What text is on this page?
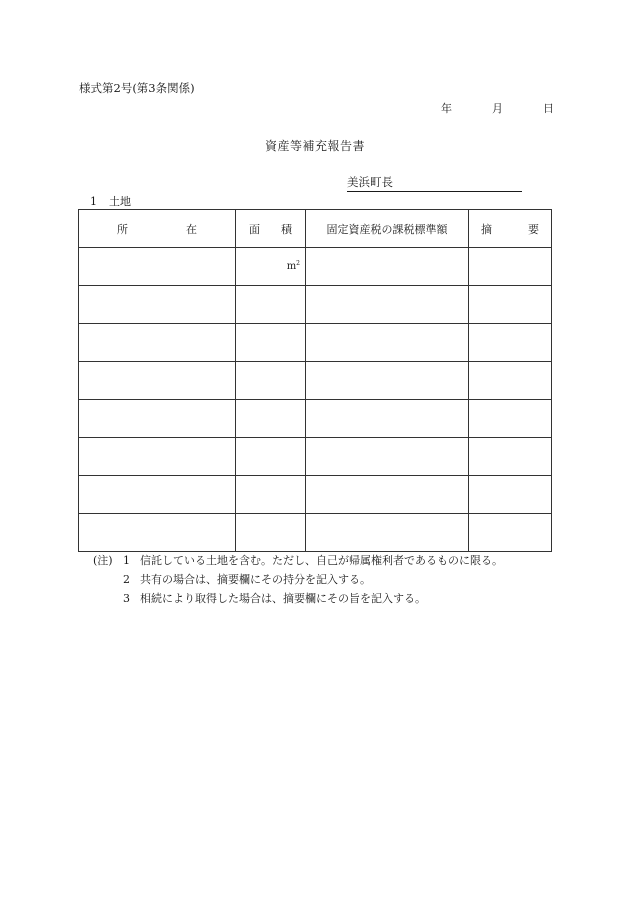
様式第2号(第3条関係)
年	月	日
資産等補充報告書
美浜町長
1 土地
所 在	面 積	固定資産税の課税標準額	摘 要

	$m^2$

(注) 1 信託している土地を含む。ただし、自己が帰属権利者であるものに限る。
2 共有の場合は、摘要欄にその持分を記入する。
3 相続により取得した場合は、摘要欄にその旨を記入する。
